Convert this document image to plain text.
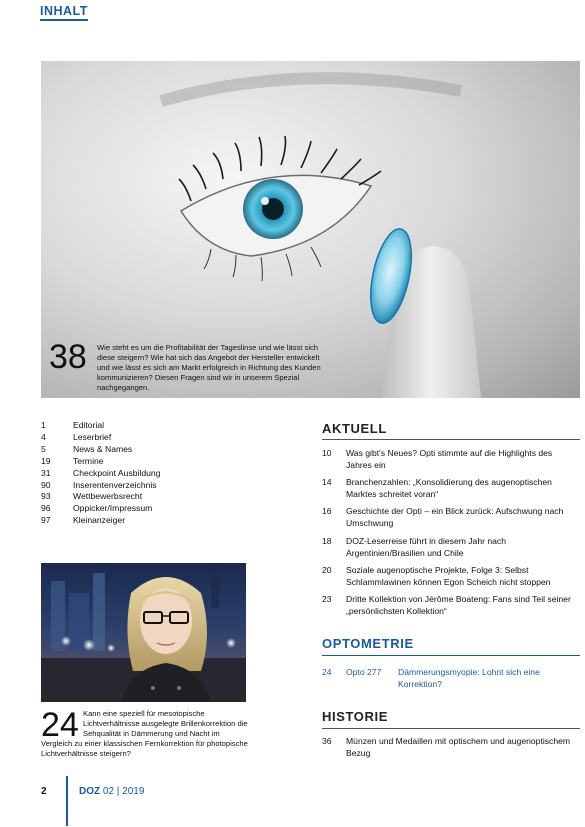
INHALT
38 Wie steht es um die Profitabilität der Tageslinse und wie lässt sich diese steigern? Wie hat sich das Angebot der Hersteller entwickelt und wie lässt es sich am Markt erfolgreich in Richtung des Kunden kommunizieren? Diesen Fragen sind wir in unserem Spezial nachgegangen.
1	Editorial
4	Leserbrief
5	News & Names
19	Termine
31	Checkpoint Ausbildung
90	Inserentenverzeichnis
93	Wettbewerbsrecht
96	Oppicker/Impressum
97	Kleinanzeiger
Kann eine speziell für mesotopische Lichtverhältnisse ausgelegte Brillenkorrektion die Sehqualität in Dämmerung und Nacht im Vergleich zu einer klassischen Fernkorrektion für photopische Lichtverhältnisse steigern?
24
AKTUELL
10 Was gibt's Neues? Opti stimmte auf die Highlights des Jahres ein
14 Branchenzahlen: „Konsolidierung des augenoptischen Marktes schreitet voran“
16 Geschichte der Opti – ein Blick zurück: Aufschwung nach Umschwung
18 DOZ-Leserreise führt in diesem Jahr nach Argentinien/Brasilien und Chile
20 Soziale augenoptische Projekte, Folge 3: Selbst Schlammlawinen können Egon Scheich nicht stoppen
23 Dritte Kollektion von Jérôme Boateng: Fans sind Teil seiner „persönlichsten Kollektion“
OPTOMETRIE
24 Opto 277 Dämmerungsmyopie: Lohnt sich eine Korrektion?
HISTORIE
36 Münzen und Medaillen mit optischem und augenoptischem Bezug
2	DOZ 02 | 2019
